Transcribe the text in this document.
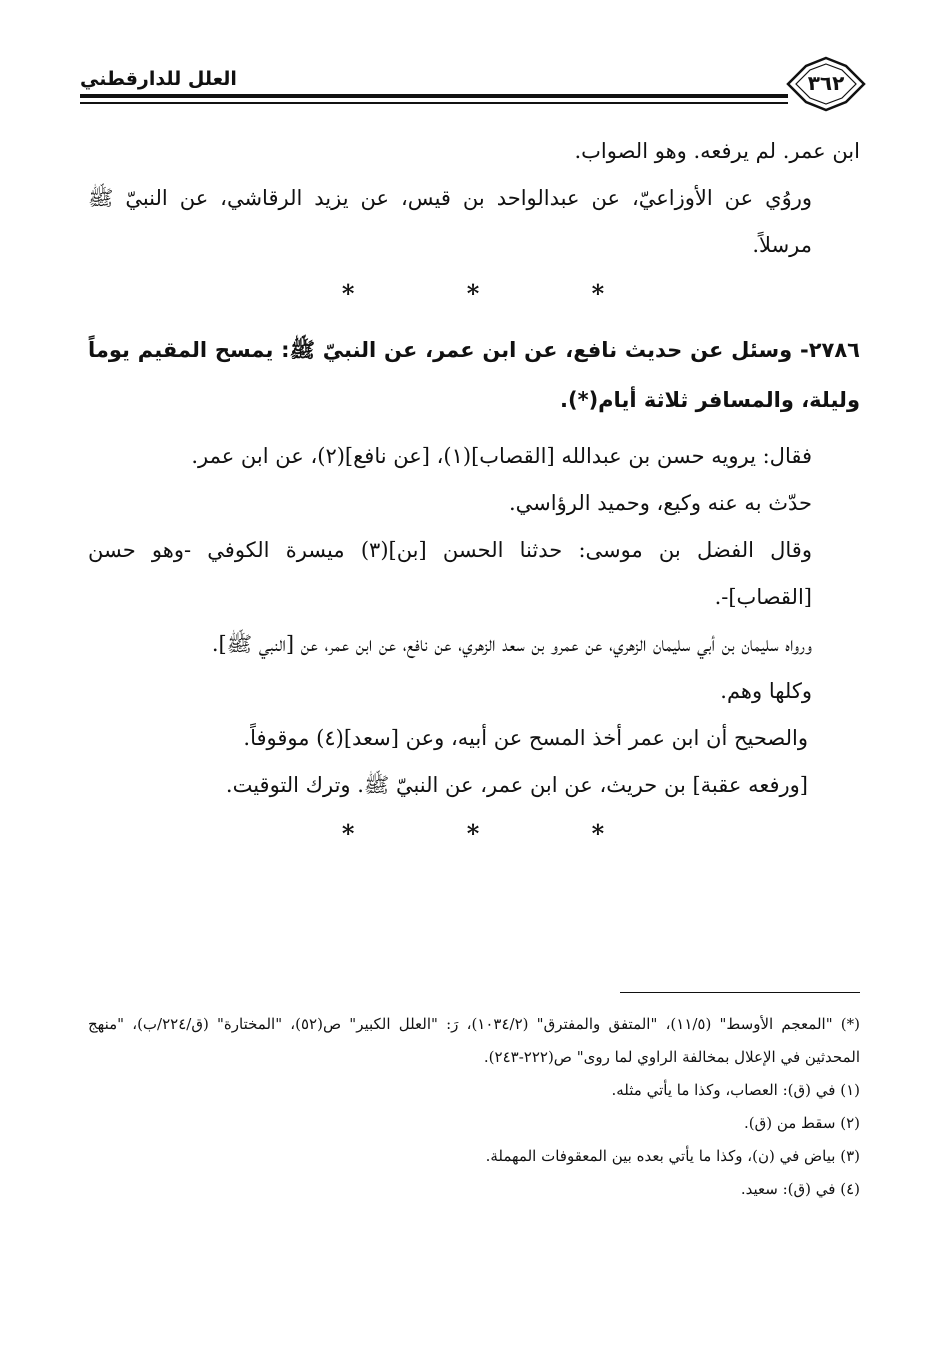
٣٦٢
العلل للدارقطني

ابن عمر. لم يرفعه. وهو الصواب.

وروُي عن الأوزاعيّ، عن عبدالواحد بن قيس، عن يزيد الرقاشي، عن النبيّ ﷺ مرسلاً.

* * *

٢٧٨٦- وسئل عن حديث نافع، عن ابن عمر، عن النبيّ ﷺ: يمسح المقيم يوماً وليلة، والمسافر ثلاثة أيام(*).

فقال: يرويه حسن بن عبدالله [القصاب](١)، [عن نافع](٢)، عن ابن عمر.

حدّث به عنه وكيع، وحميد الرؤاسي.

وقال الفضل بن موسى: حدثنا الحسن [بن](٣) ميسرة الكوفي -وهو حسن [القصاب]-.

ورواه سليمان بن أبي سليمان الزهري، عن عمرو بن سعد الزهري، عن نافع، عن ابن عمر، عن [النبي ﷺ].

وكلها وهم.

والصحيح أن ابن عمر أخذ المسح عن أبيه، وعن [سعد](٤) موقوفاً.

[ورفعه عقبة] بن حريث، عن ابن عمر، عن النبيّ ﷺ. وترك التوقيت.

* * *

(*) "المعجم الأوسط" (١١/٥)، "المتفق والمفترق" (١٠٣٤/٢)، رَ: "العلل الكبير" ص(٥٢)، "المختارة" (ق/٢٢٤/ب)، "منهج المحدثين في الإعلال بمخالفة الراوي لما روى" ص(٢٢٢-٢٤٣).

(١) في (ق): العصاب، وكذا ما يأتي مثله.

(٢) سقط من (ق).

(٣) بياض في (ن)، وكذا ما يأتي بعده بين المعقوفات المهملة.

(٤) في (ق): سعيد.
